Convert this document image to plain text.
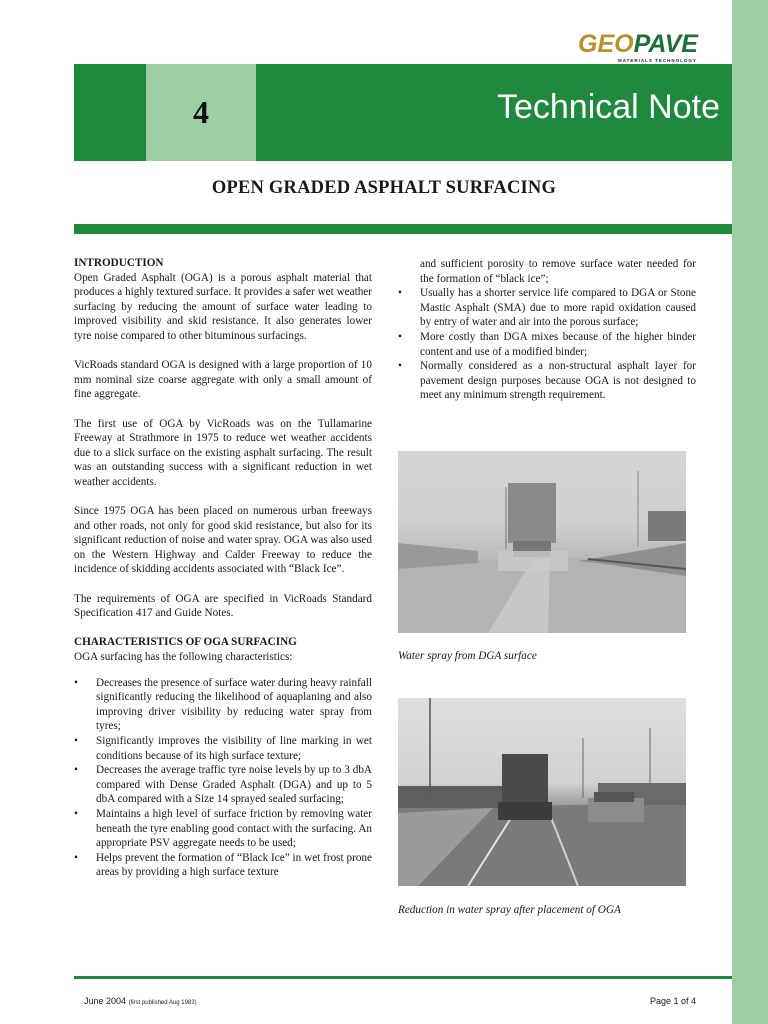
GEOPAVE
MATERIALS TECHNOLOGY
4	Technical Note
OPEN GRADED ASPHALT SURFACING
INTRODUCTION

Open Graded Asphalt (OGA) is a porous asphalt material that produces a highly textured surface. It provides a safer wet weather surfacing by reducing the amount of surface water leading to improved visibility and skid resistance. It also generates lower tyre noise compared to other bituminous surfacings.

VicRoads standard OGA is designed with a large proportion of 10 mm nominal size coarse aggregate with only a small amount of fine aggregate.

The first use of OGA by VicRoads was on the Tullamarine Freeway at Strathmore in 1975 to reduce wet weather accidents due to a slick surface on the existing asphalt surfacing. The result was an outstanding success with a significant reduction in wet weather accidents.

Since 1975 OGA has been placed on numerous urban freeways and other roads, not only for good skid resistance, but also for its significant reduction of noise and water spray. OGA was also used on the Western Highway and Calder Freeway to reduce the incidence of skidding accidents associated with “Black Ice”.

The requirements of OGA are specified in VicRoads Standard Specification 417 and Guide Notes.

CHARACTERISTICS OF OGA SURFACING

OGA surfacing has the following characteristics:

• Decreases the presence of surface water during heavy rainfall significantly reducing the likelihood of aquaplaning and also improving driver visibility by reducing water spray from tyres;
• Significantly improves the visibility of line marking in wet conditions because of its high surface texture;
• Decreases the average traffic tyre noise levels by up to 3 dbA compared with Dense Graded Asphalt (DGA) and up to 5 dbA compared with a Size 14 sprayed sealed surfacing;
• Maintains a high level of surface friction by removing water beneath the tyre enabling good contact with the surfacing. An appropriate PSV aggregate needs to be used;
• Helps prevent the formation of “Black Ice” in wet frost prone areas by providing a high surface texture
and sufficient porosity to remove surface water needed for the formation of “black ice”;
• Usually has a shorter service life compared to DGA or Stone Mastic Asphalt (SMA) due to more rapid oxidation caused by entry of water and air into the porous surface;
• More costly than DGA mixes because of the higher binder content and use of a modified binder;
• Normally considered as a non-structural asphalt layer for pavement design purposes because OGA is not designed to meet any minimum strength requirement.
Water spray from DGA surface
Reduction in water spray after placement of OGA
June 2004 (first published Aug 1983)	Page 1 of 4
